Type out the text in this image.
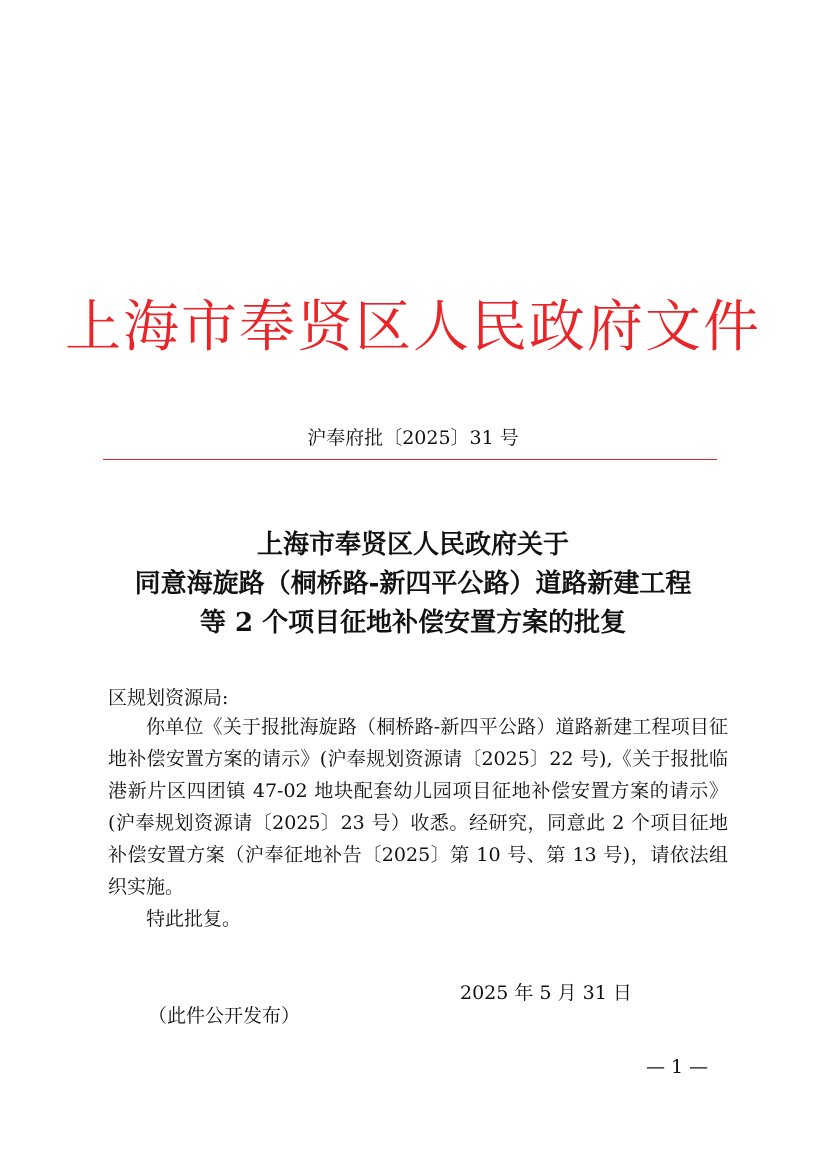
上海市奉贤区人民政府文件
沪奉府批〔2025〕31 号
上海市奉贤区人民政府关于
同意海旋路（桐桥路-新四平公路）道路新建工程
等 2 个项目征地补偿安置方案的批复
区规划资源局:

你单位《关于报批海旋路（桐桥路-新四平公路）道路新建工程项目征地补偿安置方案的请示》(沪奉规划资源请〔2025〕22 号),《关于报批临港新片区四团镇 47-02 地块配套幼儿园项目征地补偿安置方案的请示》(沪奉规划资源请〔2025〕23 号）收悉。经研究，同意此 2 个项目征地补偿安置方案（沪奉征地补告〔2025〕第 10 号、第 13 号)，请依法组织实施。

特此批复。

2025 年 5 月 31 日
（此件公开发布）
— 1 —
